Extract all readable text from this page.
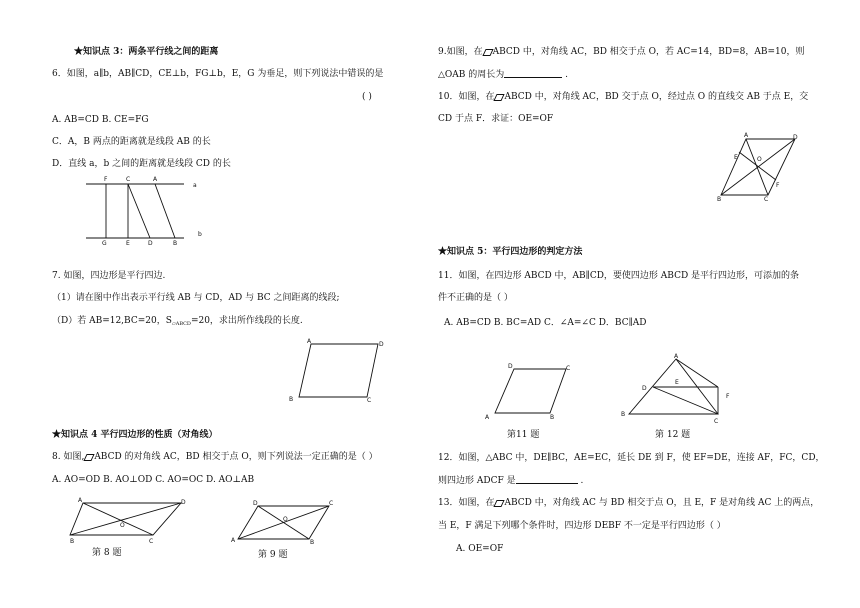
★知识点 3：两条平行线之间的距离
6．如图，a∥b，AB∥CD，CE⊥b，FG⊥b，E，G 为垂足，则下列说法中错误的是
( )
A. AB=CD B. CE=FG
C．A，B 两点的距离就是线段 AB 的长
D．直线 a，b 之间的距离就是线段 CD 的长
F	C	A
a
G	E	D	B
b
7. 如图，四边形是平行四边.
（1）请在图中作出表示平行线 AB 与 CD，AD 与 BC 之间距离的线段;
（D）若 AB=12,BC=20，$S_{▱ABCD}=20$，求出所作线段的长度.
A	D
B	C
★知识点 4 平行四边形的性质（对角线）
8. 如图, ABCD 的对角线 AC，BD 相交于点 O，则下列说法一定正确的是（ ）
A. AO=OD B. AO⊥OD C. AO=OC D. AO⊥AB
A	D
O
B	C
第 8 题
D	C
O
A	B
第 9 题
9.如图，在 ABCD 中，对角线 AC，BD 相交于点 O，若 AC=14，BD=8，AB=10，则
△OAB 的周长为	.
10．如图，在 ABCD 中，对角线 AC，BD 交于点 O，经过点 O 的直线交 AB 于点 E，交
CD 于点 F．求证：OE=OF
A	D
E	O
F
B	C
★知识点 5：平行四边形的判定方法
11．如图，在四边形 ABCD 中，AB∥CD，要使四边形 ABCD 是平行四边形，可添加的条
件不正确的是（ ）
A. AB=CD B. BC=AD C．∠A=∠C D．BC∥AD
D	C
A	B
第11 题
A
D
E
F
B
C
第 12 题
12．如图，△ABC 中，DE∥BC，AE=EC，延长 DE 到 F，使 EF=DE，连接 AF，FC，CD，
则四边形 ADCF 是	.
13．如图，在 ABCD 中，对角线 AC 与 BD 相交于点 O，且 E，F 是对角线 AC 上的两点，
当 E，F 满足下列哪个条件时，四边形 DEBF 不一定是平行四边形（ ）
A. OE=OF
